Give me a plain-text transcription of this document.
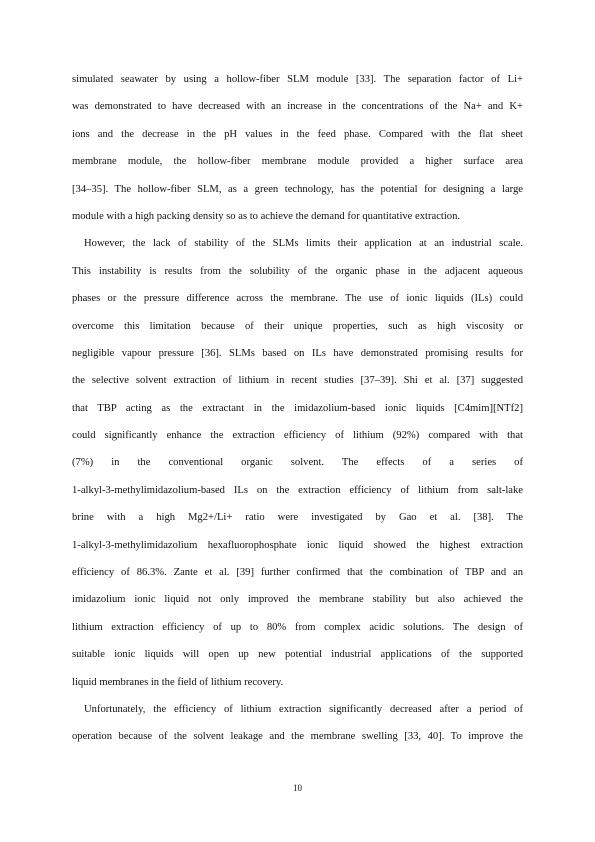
simulated seawater by using a hollow-fiber SLM module [33]. The separation factor of Li+
was demonstrated to have decreased with an increase in the concentrations of the Na+ and K+
ions and the decrease in the pH values in the feed phase. Compared with the flat sheet
membrane module, the hollow-fiber membrane module provided a higher surface area
[34–35]. The hollow-fiber SLM, as a green technology, has the potential for designing a large
module with a high packing density so as to achieve the demand for quantitative extraction.
However, the lack of stability of the SLMs limits their application at an industrial scale.
This instability is results from the solubility of the organic phase in the adjacent aqueous
phases or the pressure difference across the membrane. The use of ionic liquids (ILs) could
overcome this limitation because of their unique properties, such as high viscosity or
negligible vapour pressure [36]. SLMs based on ILs have demonstrated promising results for
the selective solvent extraction of lithium in recent studies [37–39]. Shi et al. [37] suggested
that TBP acting as the extractant in the imidazolium-based ionic liquids [C4mim][NTf2]
could significantly enhance the extraction efficiency of lithium (92%) compared with that
(7%) in the conventional organic solvent. The effects of a series of
1-alkyl-3-methylimidazolium-based ILs on the extraction efficiency of lithium from salt-lake
brine with a high Mg2+/Li+ ratio were investigated by Gao et al. [38]. The
1-alkyl-3-methylimidazolium hexafluorophosphate ionic liquid showed the highest extraction
efficiency of 86.3%. Zante et al. [39] further confirmed that the combination of TBP and an
imidazolium ionic liquid not only improved the membrane stability but also achieved the
lithium extraction efficiency of up to 80% from complex acidic solutions. The design of
suitable ionic liquids will open up new potential industrial applications of the supported
liquid membranes in the field of lithium recovery.
Unfortunately, the efficiency of lithium extraction significantly decreased after a period of
operation because of the solvent leakage and the membrane swelling [33, 40]. To improve the
10
